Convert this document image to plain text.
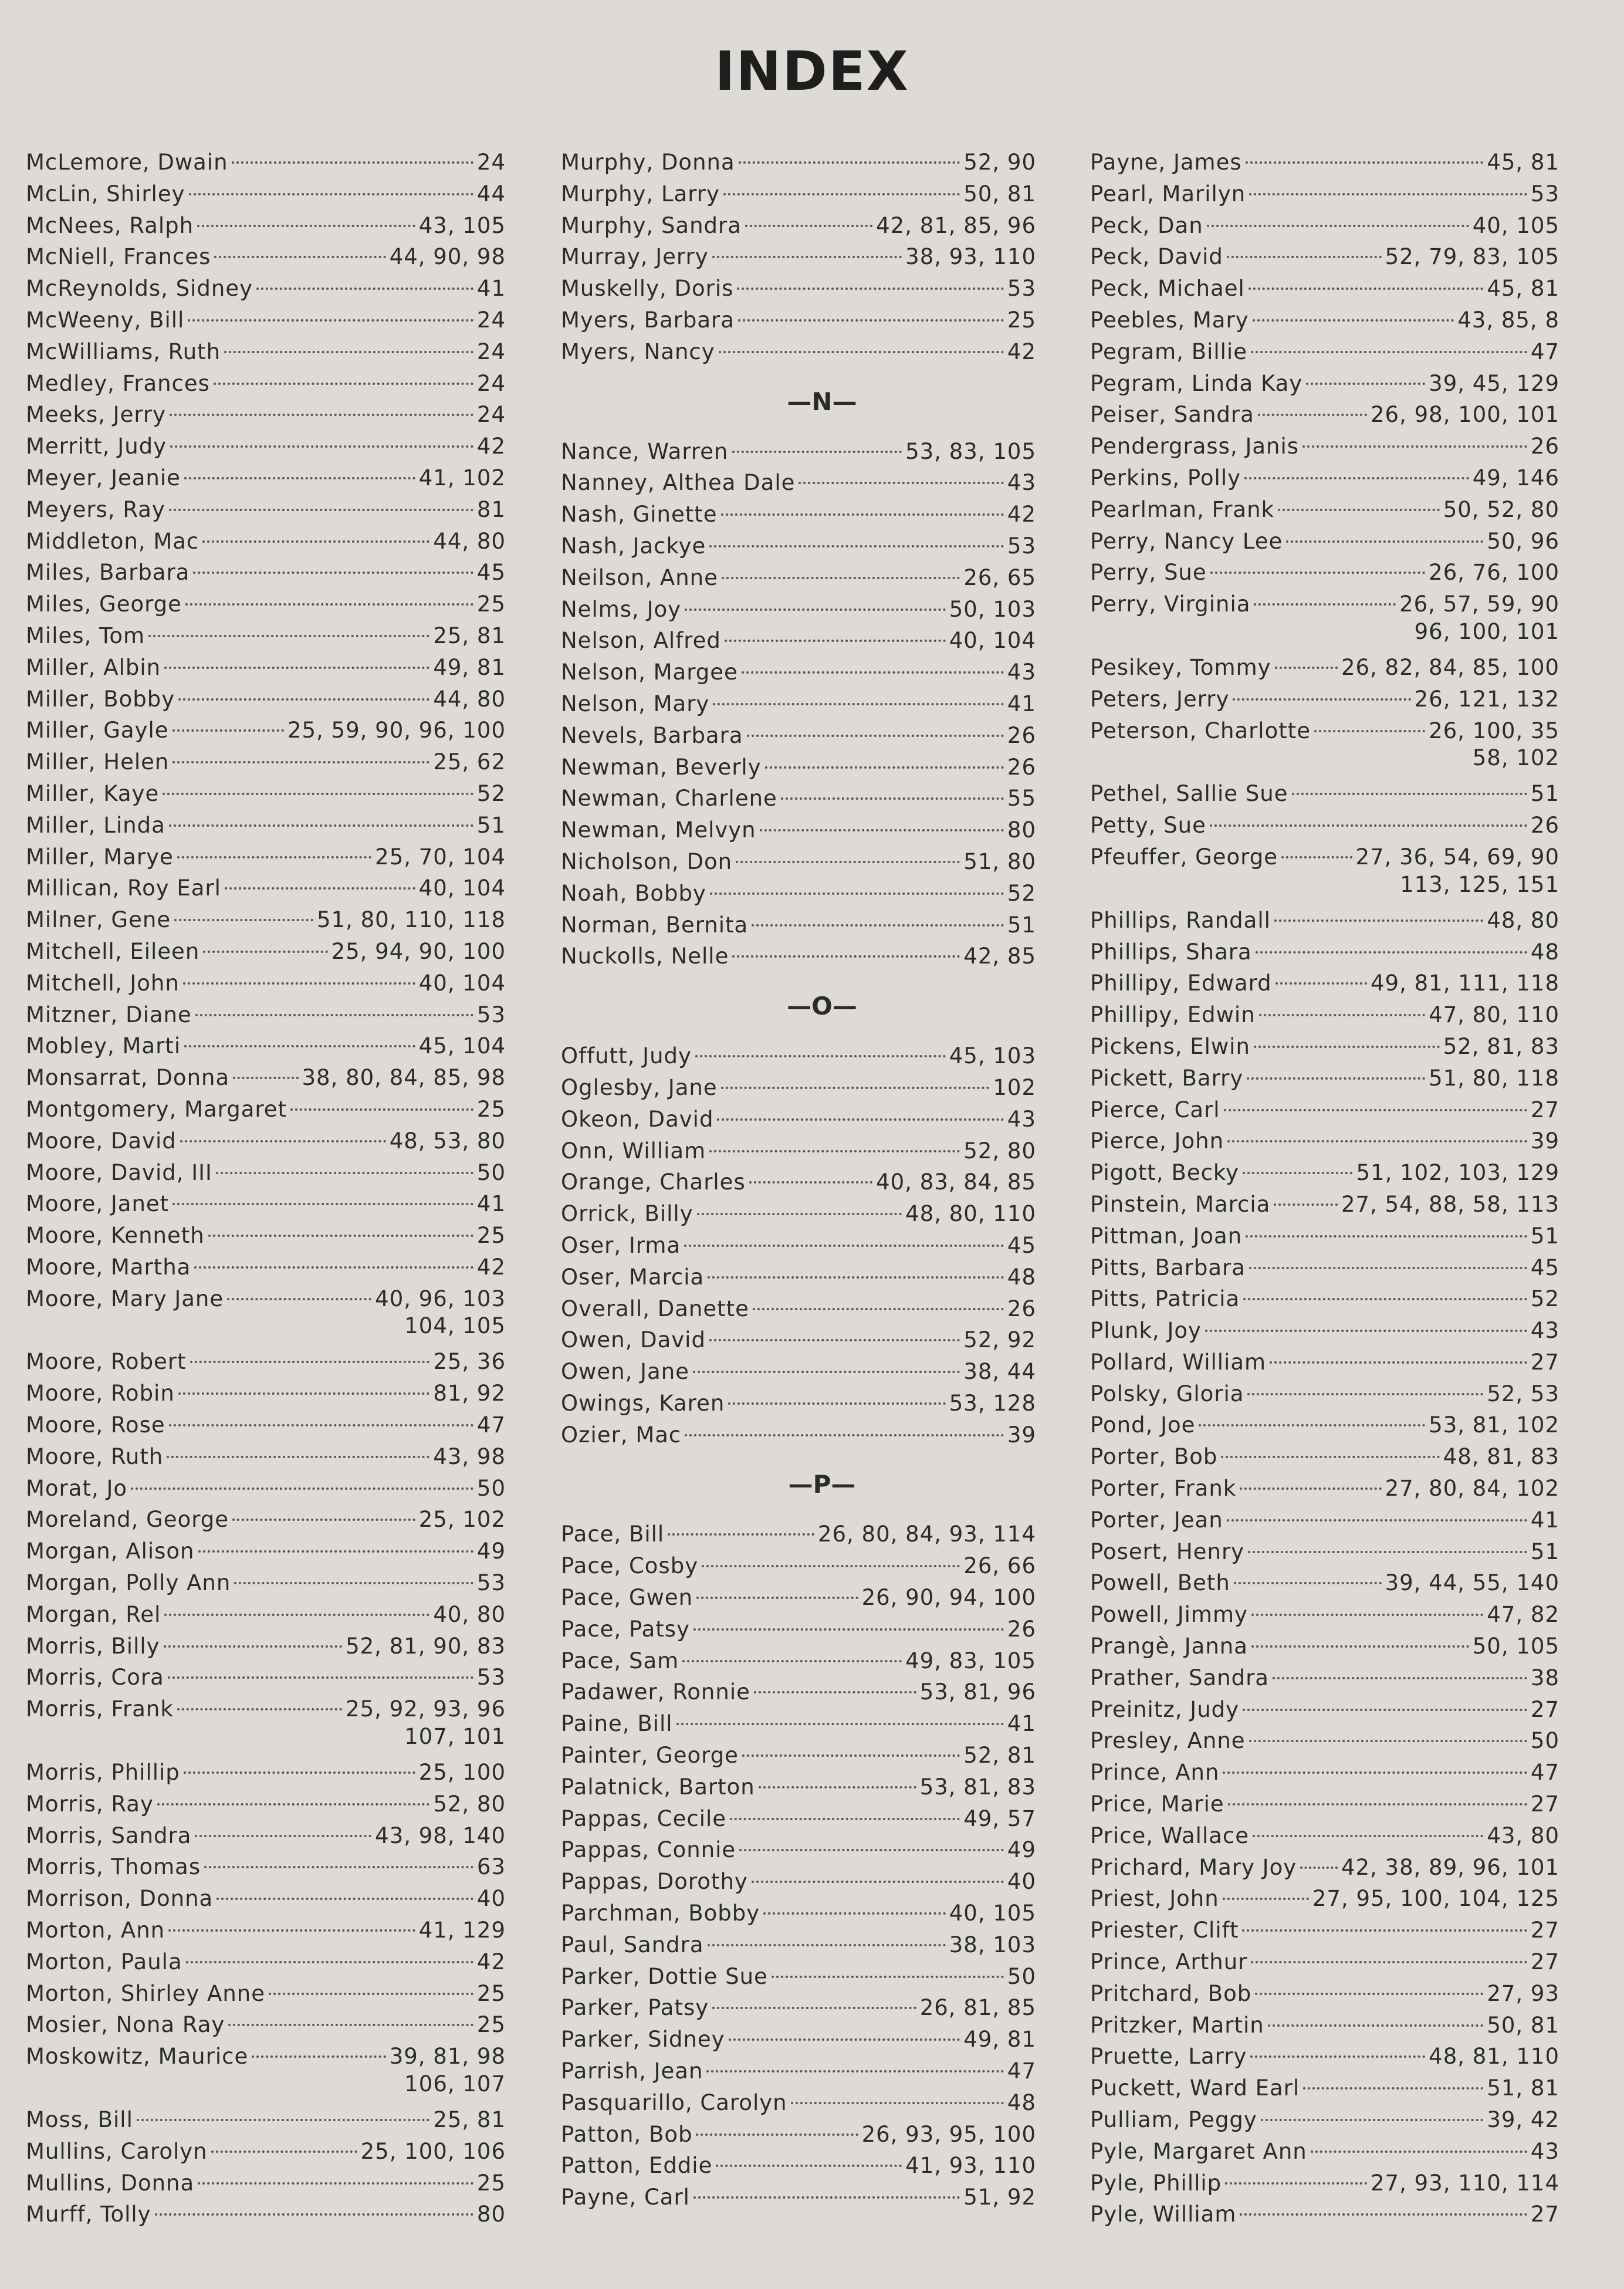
INDEX
McLemore, Dwain	24
McLin, Shirley	44
McNees, Ralph	43, 105
McNiell, Frances	44, 90, 98
McReynolds, Sidney	41
McWeeny, Bill	24
McWilliams, Ruth	24
Medley, Frances	24
Meeks, Jerry	24
Merritt, Judy	42
Meyer, Jeanie	41, 102
Meyers, Ray	81
Middleton, Mac	44, 80
Miles, Barbara	45
Miles, George	25
Miles, Tom	25, 81
Miller, Albin	49, 81
Miller, Bobby	44, 80
Miller, Gayle	25, 59, 90, 96, 100
Miller, Helen	25, 62
Miller, Kaye	52
Miller, Linda	51
Miller, Marye	25, 70, 104
Millican, Roy Earl	40, 104
Milner, Gene	51, 80, 110, 118
Mitchell, Eileen	25, 94, 90, 100
Mitchell, John	40, 104
Mitzner, Diane	53
Mobley, Marti	45, 104
Monsarrat, Donna	38, 80, 84, 85, 98
Montgomery, Margaret	25
Moore, David	48, 53, 80
Moore, David, III	50
Moore, Janet	41
Moore, Kenneth	25
Moore, Martha	42
Moore, Mary Jane	40, 96, 103
104, 105
Moore, Robert	25, 36
Moore, Robin	81, 92
Moore, Rose	47
Moore, Ruth	43, 98
Morat, Jo	50
Moreland, George	25, 102
Morgan, Alison	49
Morgan, Polly Ann	53
Morgan, Rel	40, 80
Morris, Billy	52, 81, 90, 83
Morris, Cora	53
Morris, Frank	25, 92, 93, 96
107, 101
Morris, Phillip	25, 100
Morris, Ray	52, 80
Morris, Sandra	43, 98, 140
Morris, Thomas	63
Morrison, Donna	40
Morton, Ann	41, 129
Morton, Paula	42
Morton, Shirley Anne	25
Mosier, Nona Ray	25
Moskowitz, Maurice	39, 81, 98
106, 107
Moss, Bill	25, 81
Mullins, Carolyn	25, 100, 106
Mullins, Donna	25
Murff, Tolly	80
Murphy, Donna	52, 90
Murphy, Larry	50, 81
Murphy, Sandra	42, 81, 85, 96
Murray, Jerry	38, 93, 110
Muskelly, Doris	53
Myers, Barbara	25
Myers, Nancy	42
—N—
Nance, Warren	53, 83, 105
Nanney, Althea Dale	43
Nash, Ginette	42
Nash, Jackye	53
Neilson, Anne	26, 65
Nelms, Joy	50, 103
Nelson, Alfred	40, 104
Nelson, Margee	43
Nelson, Mary	41
Nevels, Barbara	26
Newman, Beverly	26
Newman, Charlene	55
Newman, Melvyn	80
Nicholson, Don	51, 80
Noah, Bobby	52
Norman, Bernita	51
Nuckolls, Nelle	42, 85
—O—
Offutt, Judy	45, 103
Oglesby, Jane	102
Okeon, David	43
Onn, William	52, 80
Orange, Charles	40, 83, 84, 85
Orrick, Billy	48, 80, 110
Oser, Irma	45
Oser, Marcia	48
Overall, Danette	26
Owen, David	52, 92
Owen, Jane	38, 44
Owings, Karen	53, 128
Ozier, Mac	39
—P—
Pace, Bill	26, 80, 84, 93, 114
Pace, Cosby	26, 66
Pace, Gwen	26, 90, 94, 100
Pace, Patsy	26
Pace, Sam	49, 83, 105
Padawer, Ronnie	53, 81, 96
Paine, Bill	41
Painter, George	52, 81
Palatnick, Barton	53, 81, 83
Pappas, Cecile	49, 57
Pappas, Connie	49
Pappas, Dorothy	40
Parchman, Bobby	40, 105
Paul, Sandra	38, 103
Parker, Dottie Sue	50
Parker, Patsy	26, 81, 85
Parker, Sidney	49, 81
Parrish, Jean	47
Pasquarillo, Carolyn	48
Patton, Bob	26, 93, 95, 100
Patton, Eddie	41, 93, 110
Payne, Carl	51, 92
Payne, James	45, 81
Pearl, Marilyn	53
Peck, Dan	40, 105
Peck, David	52, 79, 83, 105
Peck, Michael	45, 81
Peebles, Mary	43, 85, 8
Pegram, Billie	47
Pegram, Linda Kay	39, 45, 129
Peiser, Sandra	26, 98, 100, 101
Pendergrass, Janis	26
Perkins, Polly	49, 146
Pearlman, Frank	50, 52, 80
Perry, Nancy Lee	50, 96
Perry, Sue	26, 76, 100
Perry, Virginia	26, 57, 59, 90
96, 100, 101
Pesikey, Tommy	26, 82, 84, 85, 100
Peters, Jerry	26, 121, 132
Peterson, Charlotte	26, 100, 35
58, 102
Pethel, Sallie Sue	51
Petty, Sue	26
Pfeuffer, George	27, 36, 54, 69, 90
113, 125, 151
Phillips, Randall	48, 80
Phillips, Shara	48
Phillipy, Edward	49, 81, 111, 118
Phillipy, Edwin	47, 80, 110
Pickens, Elwin	52, 81, 83
Pickett, Barry	51, 80, 118
Pierce, Carl	27
Pierce, John	39
Pigott, Becky	51, 102, 103, 129
Pinstein, Marcia	27, 54, 88, 58, 113
Pittman, Joan	51
Pitts, Barbara	45
Pitts, Patricia	52
Plunk, Joy	43
Pollard, William	27
Polsky, Gloria	52, 53
Pond, Joe	53, 81, 102
Porter, Bob	48, 81, 83
Porter, Frank	27, 80, 84, 102
Porter, Jean	41
Posert, Henry	51
Powell, Beth	39, 44, 55, 140
Powell, Jimmy	47, 82
Prangè, Janna	50, 105
Prather, Sandra	38
Preinitz, Judy	27
Presley, Anne	50
Prince, Ann	47
Price, Marie	27
Price, Wallace	43, 80
Prichard, Mary Joy 42, 38, 89, 96, 101
Priest, John	27, 95, 100, 104, 125
Priester, Clift	27
Prince, Arthur	27
Pritchard, Bob	27, 93
Pritzker, Martin	50, 81
Pruette, Larry	48, 81, 110
Puckett, Ward Earl	51, 81
Pulliam, Peggy	39, 42
Pyle, Margaret Ann	43
Pyle, Phillip	27, 93, 110, 114
Pyle, William	27
